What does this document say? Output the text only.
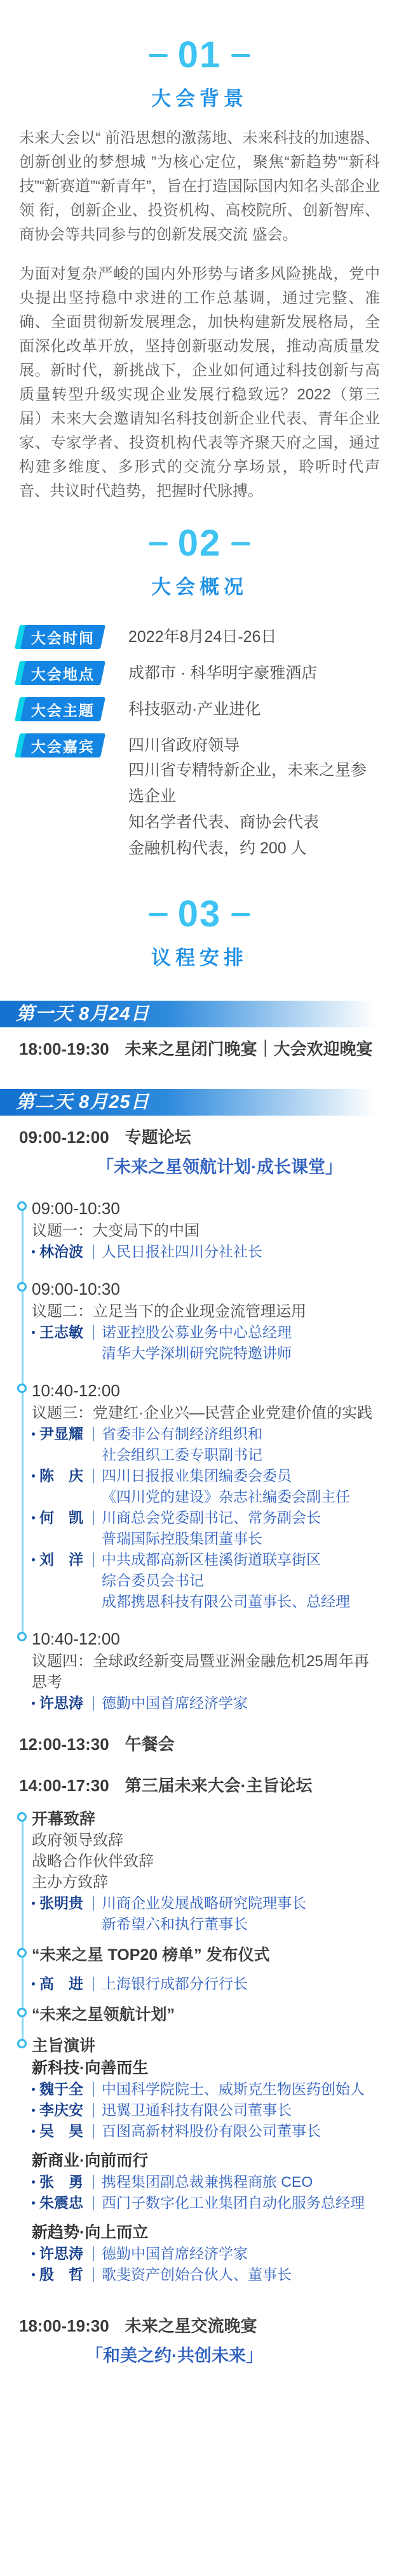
01
大会背景

未来大会以“ 前沿思想的激荡地、未来科技的加速器、创新创业的梦想城 ”为核心定位，聚焦“新趋势”“新科技”“新赛道”“新青年”，旨在打造国际国内知名头部企业领 衔，创新企业、投资机构、高校院所、创新智库、商协会等共同参与的创新发展交流 盛会。

为面对复杂严峻的国内外形势与诸多风险挑战，党中央提出坚持稳中求进的工作总基调，通过完整、准确、全面贯彻新发展理念，加快构建新发展格局，全面深化改革开放，坚持创新驱动发展，推动高质量发展。新时代，新挑战下，企业如何通过科技创新与高质量转型升级实现企业发展行稳致远？2022（第三届）未来大会邀请知名科技创新企业代表、青年企业家、专家学者、投资机构代表等齐聚天府之国，通过构建多维度、多形式的交流分享场景，聆听时代声音、共议时代趋势，把握时代脉搏。

02
大会概况
大会时间 2022年8月24日-26日
大会地点 成都市 · 科华明宇豪雅酒店
大会主题 科技驱动·产业进化
大会嘉宾 四川省政府领导
四川省专精特新企业，未来之星参选企业
知名学者代表、商协会代表
金融机构代表，约 200 人
03
议程安排
第一天 8月24日
18:00-19:30 未来之星闭门晚宴｜大会欢迎晚宴
第二天 8月25日
09:00-12:00 专题论坛
「未来之星领航计划·成长课堂」
09:00-10:30
议题一：大变局下的中国
林治波	人民日报社四川分社社长
09:00-10:30
议题二：立足当下的企业现金流管理运用
王志敏	诺亚控股公募业务中心总经理
清华大学深圳研究院特邀讲师
10:40-12:00
议题三：党建红·企业兴—民营企业党建价值的实践
尹显耀	省委非公有制经济组织和
社会组织工委专职副书记
陈　庆	四川日报报业集团编委会委员
《四川党的建设》杂志社编委会副主任
何　凯	川商总会党委副书记、常务副会长
普瑞国际控股集团董事长
刘　洋	中共成都高新区桂溪街道联享街区
综合委员会书记
成都携恩科技有限公司董事长、总经理
10:40-12:00
议题四：全球政经新变局暨亚洲金融危机25周年再思考
许思涛	德勤中国首席经济学家
12:00-13:30 午餐会
14:00-17:30 第三届未来大会·主旨论坛
开幕致辞
政府领导致辞
战略合作伙伴致辞
主办方致辞
张明贵	川商企业发展战略研究院理事长
新希望六和执行董事长
“未来之星 TOP20 榜单” 发布仪式
高　进	上海银行成都分行行长
“未来之星领航计划”
主旨演讲
新科技·向善而生
魏于全	中国科学院院士、威斯克生物医药创始人
李庆安	迅翼卫通科技有限公司董事长
吴　昊	百图高新材料股份有限公司董事长
新商业·向前而行
张　勇	携程集团副总裁兼携程商旅 CEO
朱震忠	西门子数字化工业集团自动化服务总经理
新趋势·向上而立
许思涛	德勤中国首席经济学家
殷　哲	歌斐资产创始合伙人、董事长
18:00-19:30 未来之星交流晚宴
「和美之约·共创未来」
